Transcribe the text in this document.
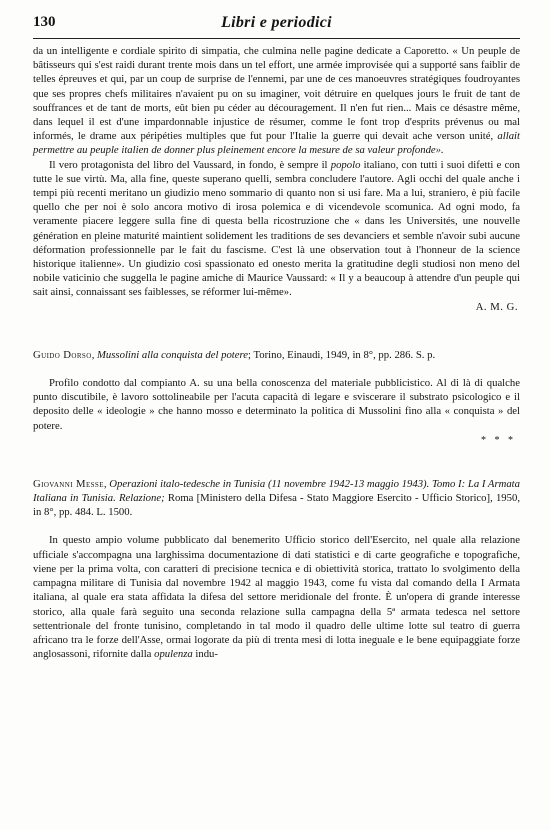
130	Libri e periodici

da un intelligente e cordiale spirito di simpatia, che culmina nelle pagine dedicate a Caporetto. « Un peuple de bâtisseurs qui s'est raidi durant trente mois dans un tel effort, une armée improvisée qui a supporté sans faiblir de telles épreuves et qui, par un coup de surprise de l'ennemi, par une de ces manoeuvres stratégiques foudroyantes que ses propres chefs militaires n'avaient pu on su imaginer, voit détruire en quelques jours le fruit de tant de souffrances et de tant de morts, eût bien pu céder au découragement. Il n'en fut rien... Mais ce désastre même, dans lequel il est d'une impardonnable injustice de résumer, comme le font trop d'esprits prévenus ou mal informés, le drame aux péripéties multiples que fut pour l'Italie la guerre qui devait ache verson unité, allait permettre au peuple italien de donner plus pleinement encore la mesure de sa valeur profonde».

Il vero protagonista del libro del Vaussard, in fondo, è sempre il popolo italiano, con tutti i suoi difetti e con tutte le sue virtù. Ma, alla fine, queste superano quelli, sembra concludere l'autore. Agli occhi del quale anche i tempi più recenti meritano un giudizio meno sommario di quanto non si usi fare. Ma a lui, straniero, è più facile quello che per noi è solo ancora motivo di irosa polemica e di vicendevole scomunica. Ad ogni modo, fa veramente piacere leggere sulla fine di questa bella ricostruzione che « dans les Universités, une nouvelle génération en pleine maturité maintient solidement les traditions de ses devanciers et semble n'avoir subi aucune déformation professionnelle par le fait du fascisme. C'est là une observation tout à l'honneur de la science historique italienne». Un giudizio così spassionato ed onesto merita la gratitudine degli studiosi non meno del nobile vaticinio che suggella le pagine amiche di Maurice Vaussard: « Il y a beaucoup à attendre d'un peuple qui sait ainsi, connaissant ses faiblesses, se réformer lui-même».

A. M. G.

Guido Dorso, Mussolini alla conquista del potere; Torino, Einaudi, 1949, in 8°, pp. 286. S. p.

Profilo condotto dal compianto A. su una bella conoscenza del materiale pubblicistico. Al di là di qualche punto discutibile, è lavoro sottolineabile per l'acuta capacità di legare e sviscerare il substrato psicologico e il deposito delle « ideologie » che hanno mosso e determinato la politica di Mussolini fino alla « conquista » del potere.

* * *

Giovanni Messe, Operazioni italo-tedesche in Tunisia (11 novembre 1942-13 maggio 1943). Tomo I: La I Armata Italiana in Tunisia. Relazione; Roma [Ministero della Difesa - Stato Maggiore Esercito - Ufficio Storico], 1950, in 8°, pp. 484. L. 1500.

In questo ampio volume pubblicato dal benemerito Ufficio storico dell'Esercito, nel quale alla relazione ufficiale s'accompagna una larghissima documentazione di dati statistici e di carte geografiche e topografiche, viene per la prima volta, con caratteri di precisione tecnica e di obiettività storica, trattato lo svolgimento della campagna militare di Tunisia dal novembre 1942 al maggio 1943, come fu vista dal comando della I Armata italiana, al quale era stata affidata la difesa del settore meridionale del fronte. È un'opera di grande interesse storico, alla quale farà seguito una seconda relazione sulla campagna della 5ª armata tedesca nel settore settentrionale del fronte tunisino, completando in tal modo il quadro delle ultime lotte sul teatro di guerra africano tra le forze dell'Asse, ormai logorate da più di trenta mesi di lotta ineguale e le bene equipaggiate forze anglosassoni, rifornite dalla opulenza indu-
